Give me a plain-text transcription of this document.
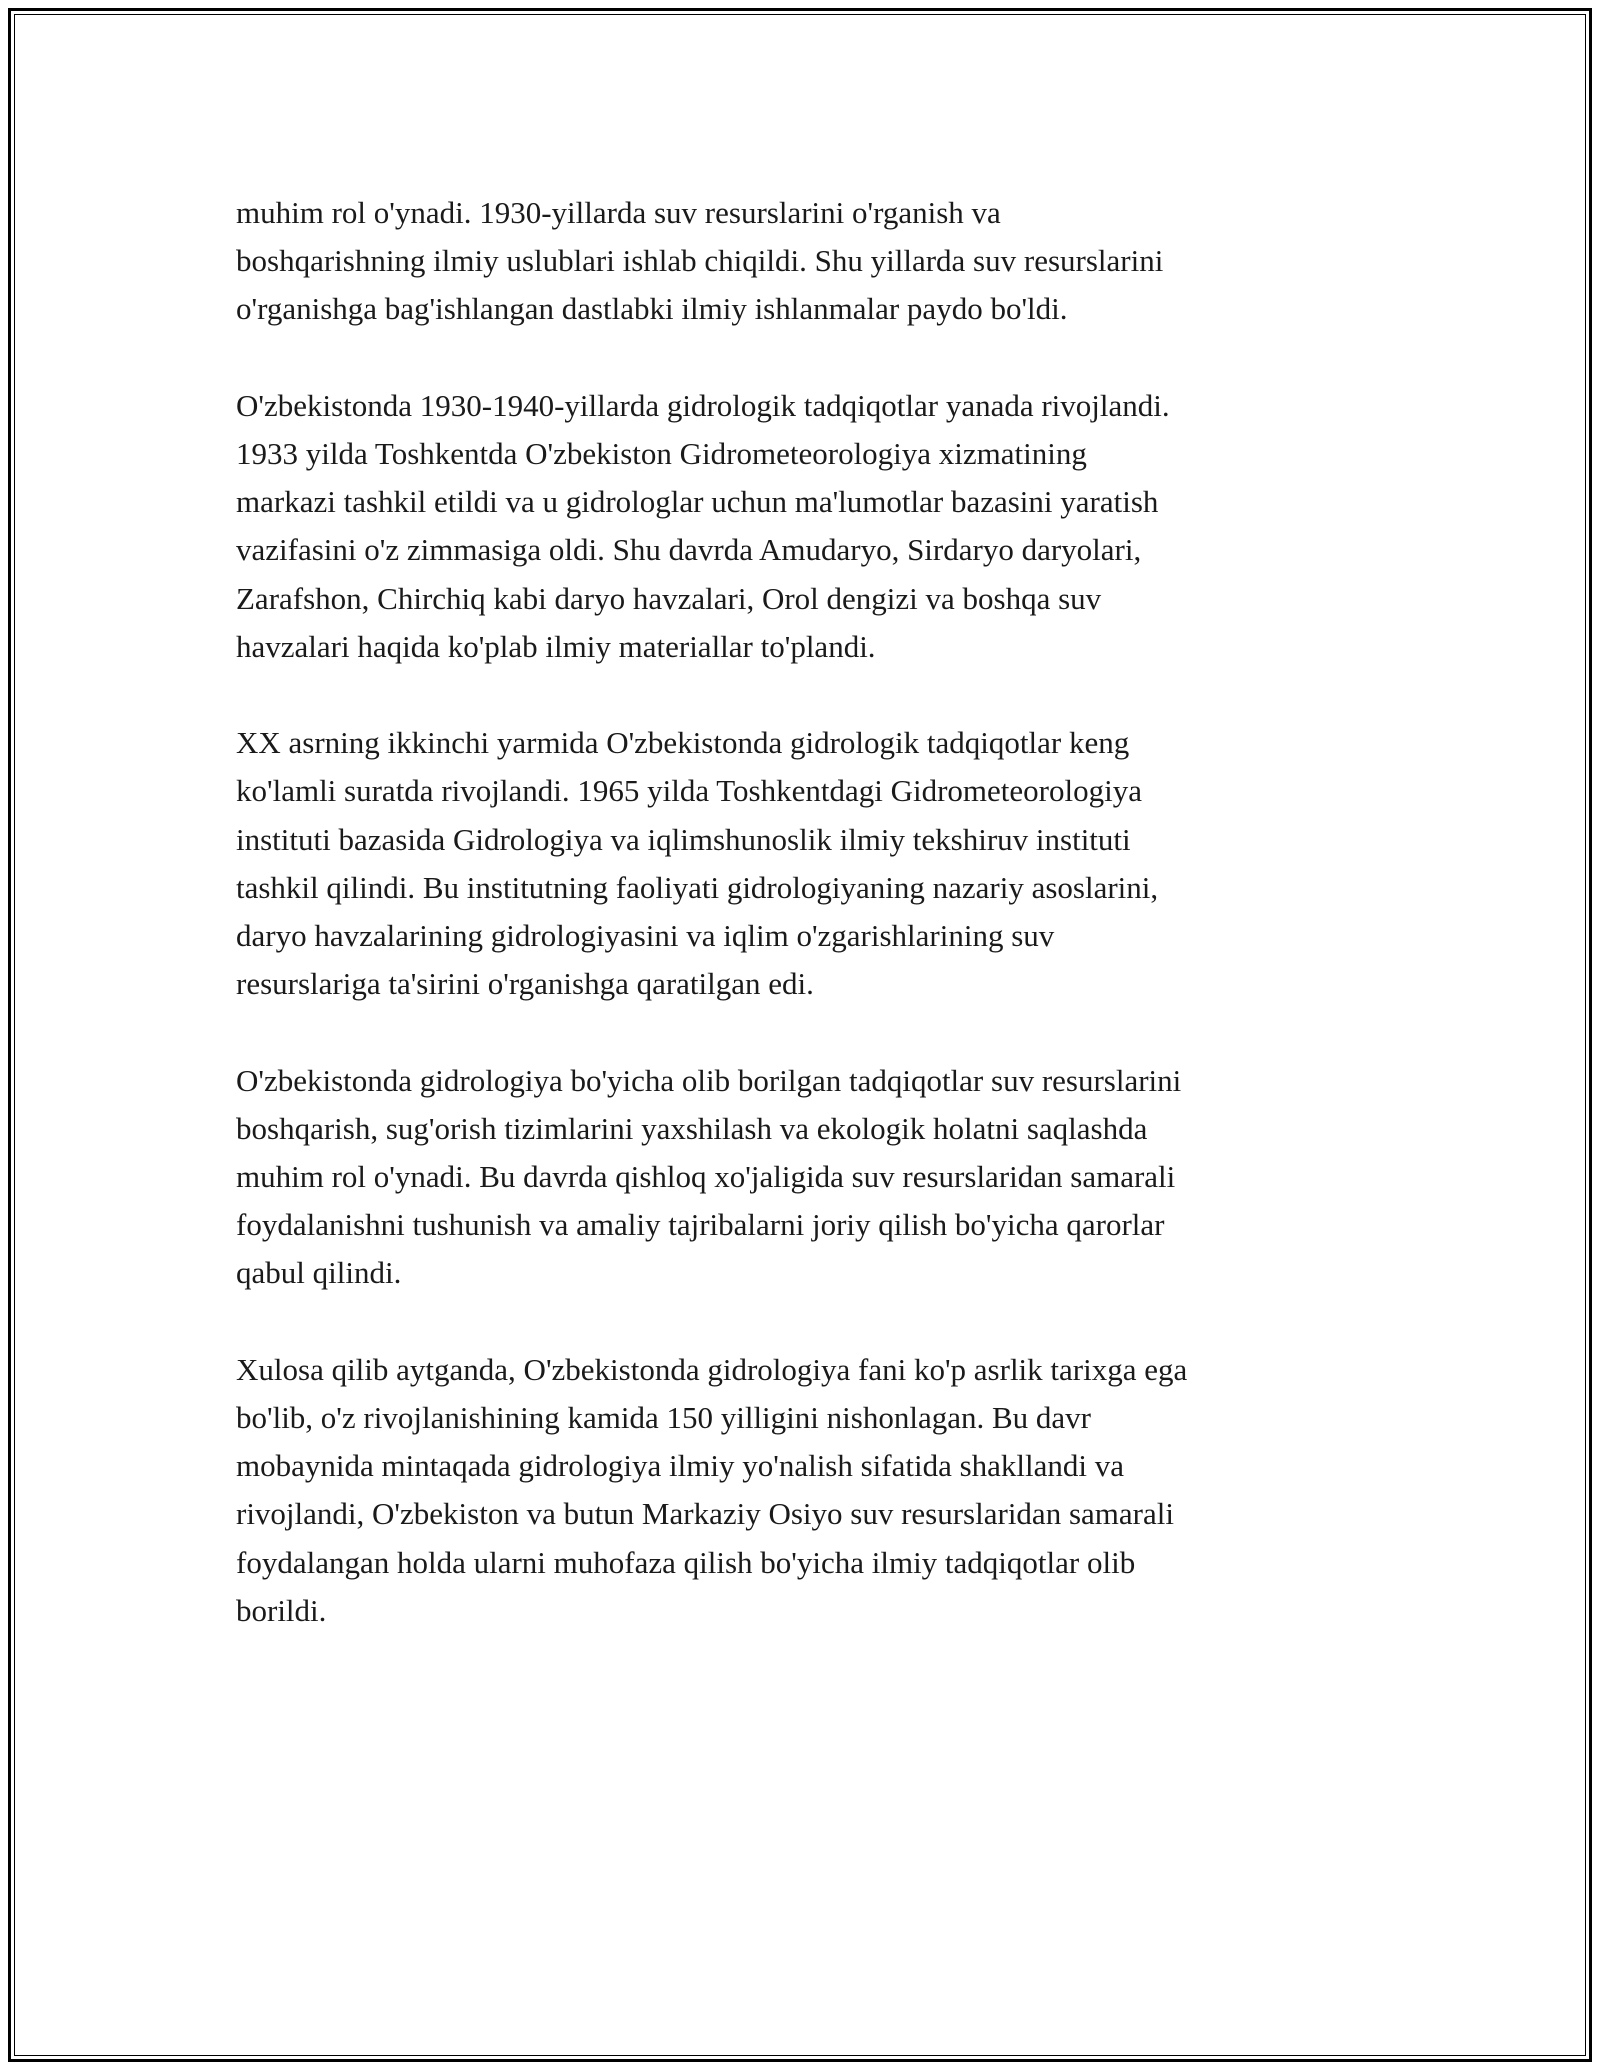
muhim rol o'ynadi. 1930-yillarda suv resurslarini o'rganish va
boshqarishning ilmiy uslublari ishlab chiqildi. Shu yillarda suv resurslarini
o'rganishga bag'ishlangan dastlabki ilmiy ishlanmalar paydo bo'ldi.

O'zbekistonda 1930-1940-yillarda gidrologik tadqiqotlar yanada rivojlandi.
1933 yilda Toshkentda O'zbekiston Gidrometeorologiya xizmatining
markazi tashkil etildi va u gidrologlar uchun ma'lumotlar bazasini yaratish
vazifasini o'z zimmasiga oldi. Shu davrda Amudaryo, Sirdaryo daryolari,
Zarafshon, Chirchiq kabi daryo havzalari, Orol dengizi va boshqa suv
havzalari haqida ko'plab ilmiy materiallar to'plandi.

XX asrning ikkinchi yarmida O'zbekistonda gidrologik tadqiqotlar keng
ko'lamli suratda rivojlandi. 1965 yilda Toshkentdagi Gidrometeorologiya
instituti bazasida Gidrologiya va iqlimshunoslik ilmiy tekshiruv instituti
tashkil qilindi. Bu institutning faoliyati gidrologiyaning nazariy asoslarini,
daryo havzalarining gidrologiyasini va iqlim o'zgarishlarining suv
resurslariga ta'sirini o'rganishga qaratilgan edi.

O'zbekistonda gidrologiya bo'yicha olib borilgan tadqiqotlar suv resurslarini
boshqarish, sug'orish tizimlarini yaxshilash va ekologik holatni saqlashda
muhim rol o'ynadi. Bu davrda qishloq xo'jaligida suv resurslaridan samarali
foydalanishni tushunish va amaliy tajribalarni joriy qilish bo'yicha qarorlar
qabul qilindi.

Xulosa qilib aytganda, O'zbekistonda gidrologiya fani ko'p asrlik tarixga ega
bo'lib, o'z rivojlanishining kamida 150 yilligini nishonlagan. Bu davr
mobaynida mintaqada gidrologiya ilmiy yo'nalish sifatida shakllandi va
rivojlandi, O'zbekiston va butun Markaziy Osiyo suv resurslaridan samarali
foydalangan holda ularni muhofaza qilish bo'yicha ilmiy tadqiqotlar olib
borildi.
